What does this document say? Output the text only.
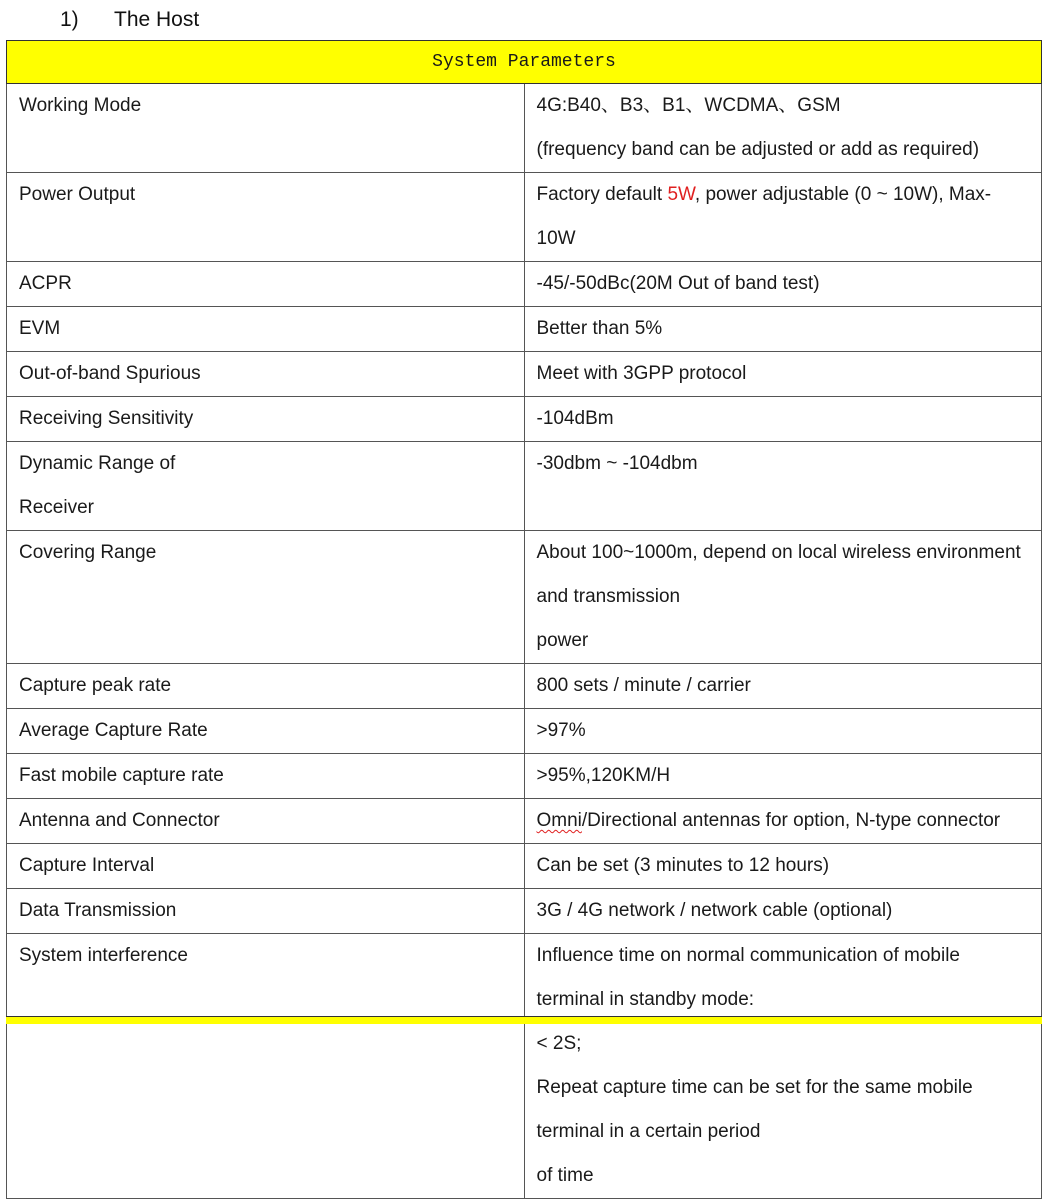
1) The Host
System Parameters	
Working Mode	4G:B40、B3、B1、WCDMA、GSM
(frequency band can be adjusted or add as required)

Power Output	Factory default 5W, power adjustable (0 ~ 10W), Max-10W
ACPR	-45/-50dBc(20M Out of band test)
EVM	Better than 5%
Out-of-band Spurious	Meet with 3GPP protocol
Receiving Sensitivity	-104dBm

Dynamic Range of
Receiver	-30dbm ~ -104dbm
Covering Range	About 100~1000m, depend on local wireless environment and transmission
power

Capture peak rate	800 sets / minute / carrier
Average Capture Rate	>97%
Fast mobile capture rate	>95%,120KM/H
Antenna and Connector	Omni/Directional antennas for option, N-type connector
Capture Interval	Can be set (3 minutes to 12 hours)
Data Transmission	3G / 4G network / network cable (optional)
System interference	Influence time on normal communication of mobile terminal in standby mode:
< 2S;
Repeat capture time can be set for the same mobile terminal in a certain period
of time
